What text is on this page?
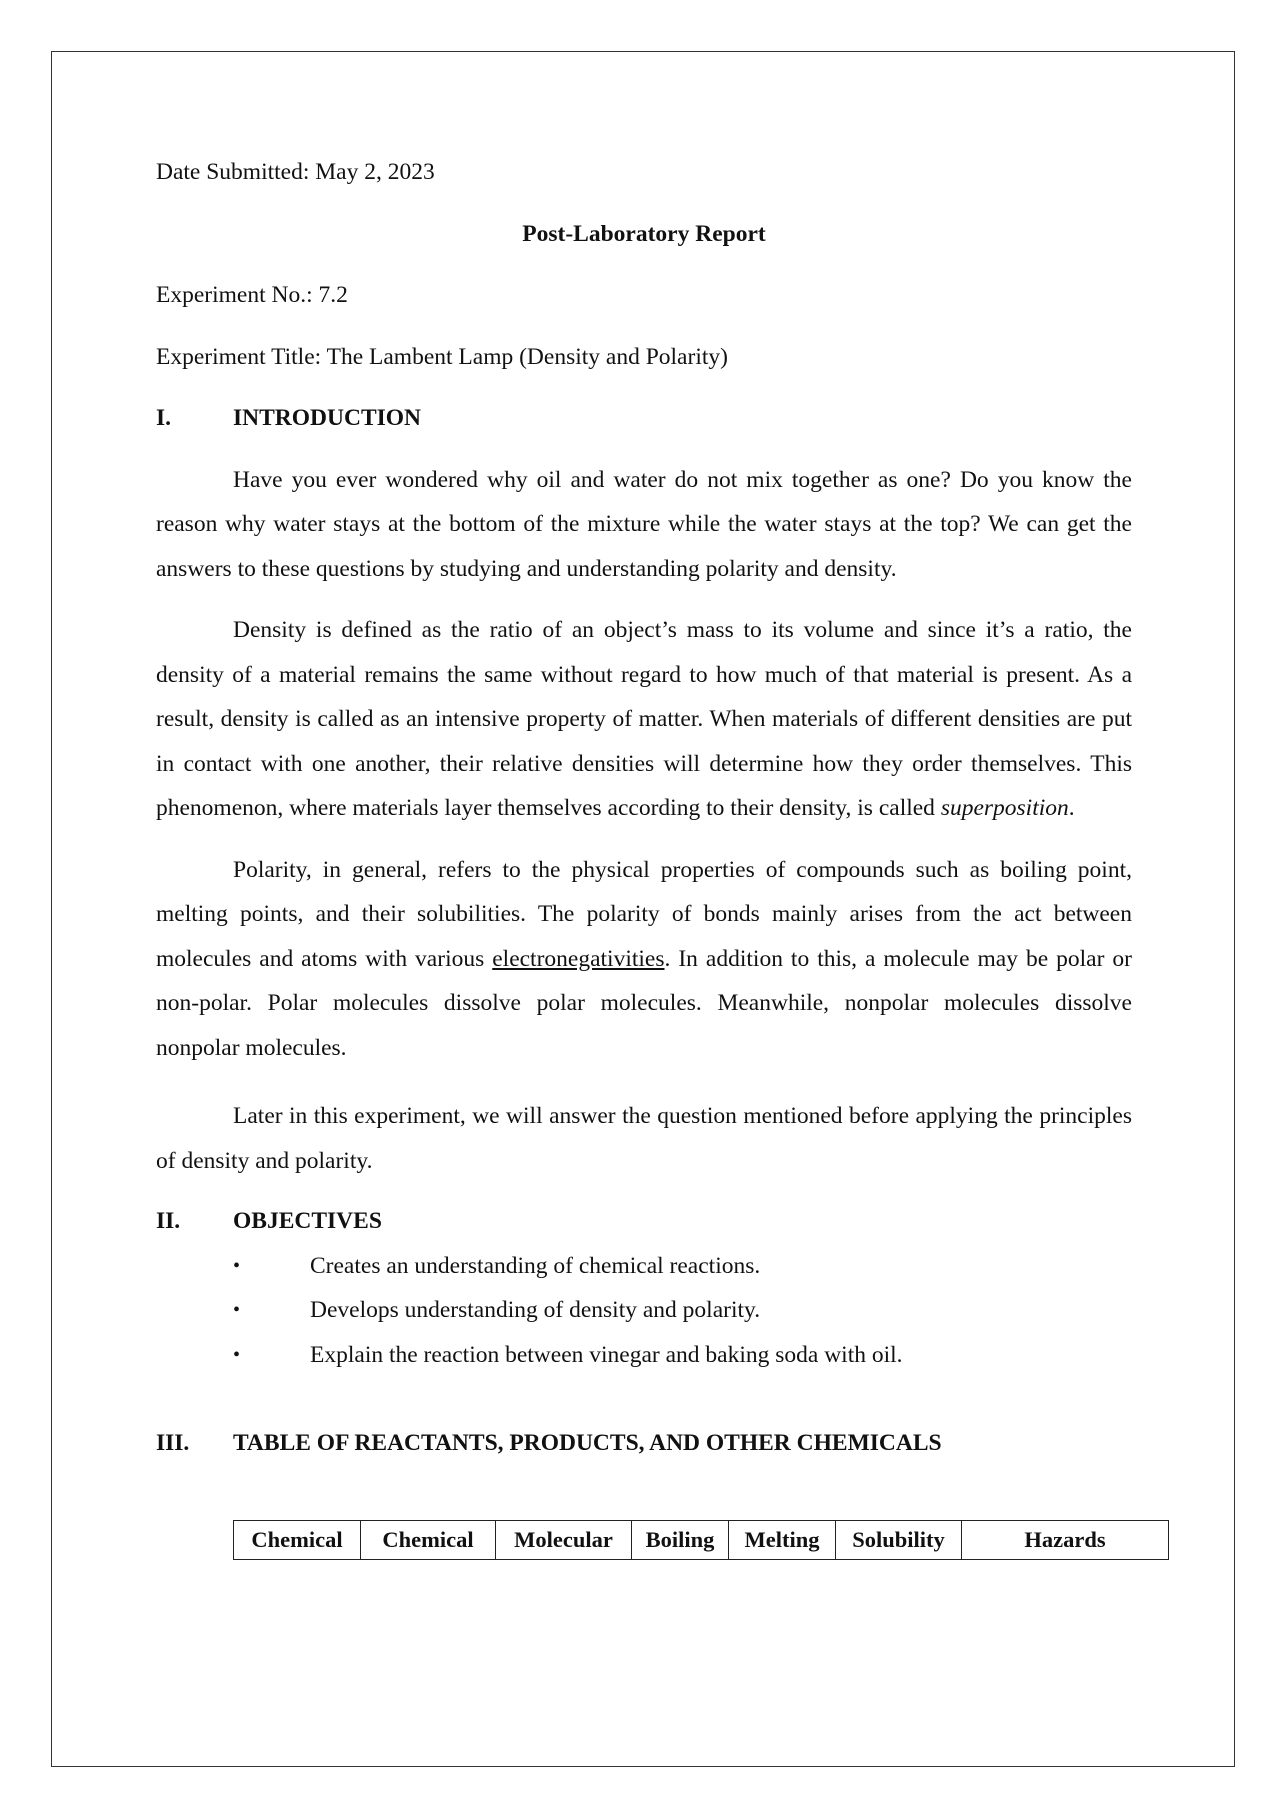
Date Submitted: May 2, 2023

Post-Laboratory Report

Experiment No.: 7.2

Experiment Title: The Lambent Lamp (Density and Polarity)

I.	INTRODUCTION

Have you ever wondered why oil and water do not mix together as one? Do you know the reason why water stays at the bottom of the mixture while the water stays at the top? We can get the answers to these questions by studying and understanding polarity and density.

Density is defined as the ratio of an object’s mass to its volume and since it’s a ratio, the density of a material remains the same without regard to how much of that material is present. As a result, density is called as an intensive property of matter. When materials of different densities are put in contact with one another, their relative densities will determine how they order themselves. This phenomenon, where materials layer themselves according to their density, is called superposition.

Polarity, in general, refers to the physical properties of compounds such as boiling point, melting points, and their solubilities. The polarity of bonds mainly arises from the act between molecules and atoms with various electronegativities. In addition to this, a molecule may be polar or non-polar. Polar molecules dissolve polar molecules. Meanwhile, nonpolar molecules dissolve nonpolar molecules.

Later in this experiment, we will answer the question mentioned before applying the principles of density and polarity.

II.	OBJECTIVES
•	Creates an understanding of chemical reactions.
•	Develops understanding of density and polarity.
•	Explain the reaction between vinegar and baking soda with oil.
III.	TABLE OF REACTANTS, PRODUCTS, AND OTHER CHEMICALS
Chemical	Chemical	Molecular	Boiling	Melting	Solubility	Hazards
